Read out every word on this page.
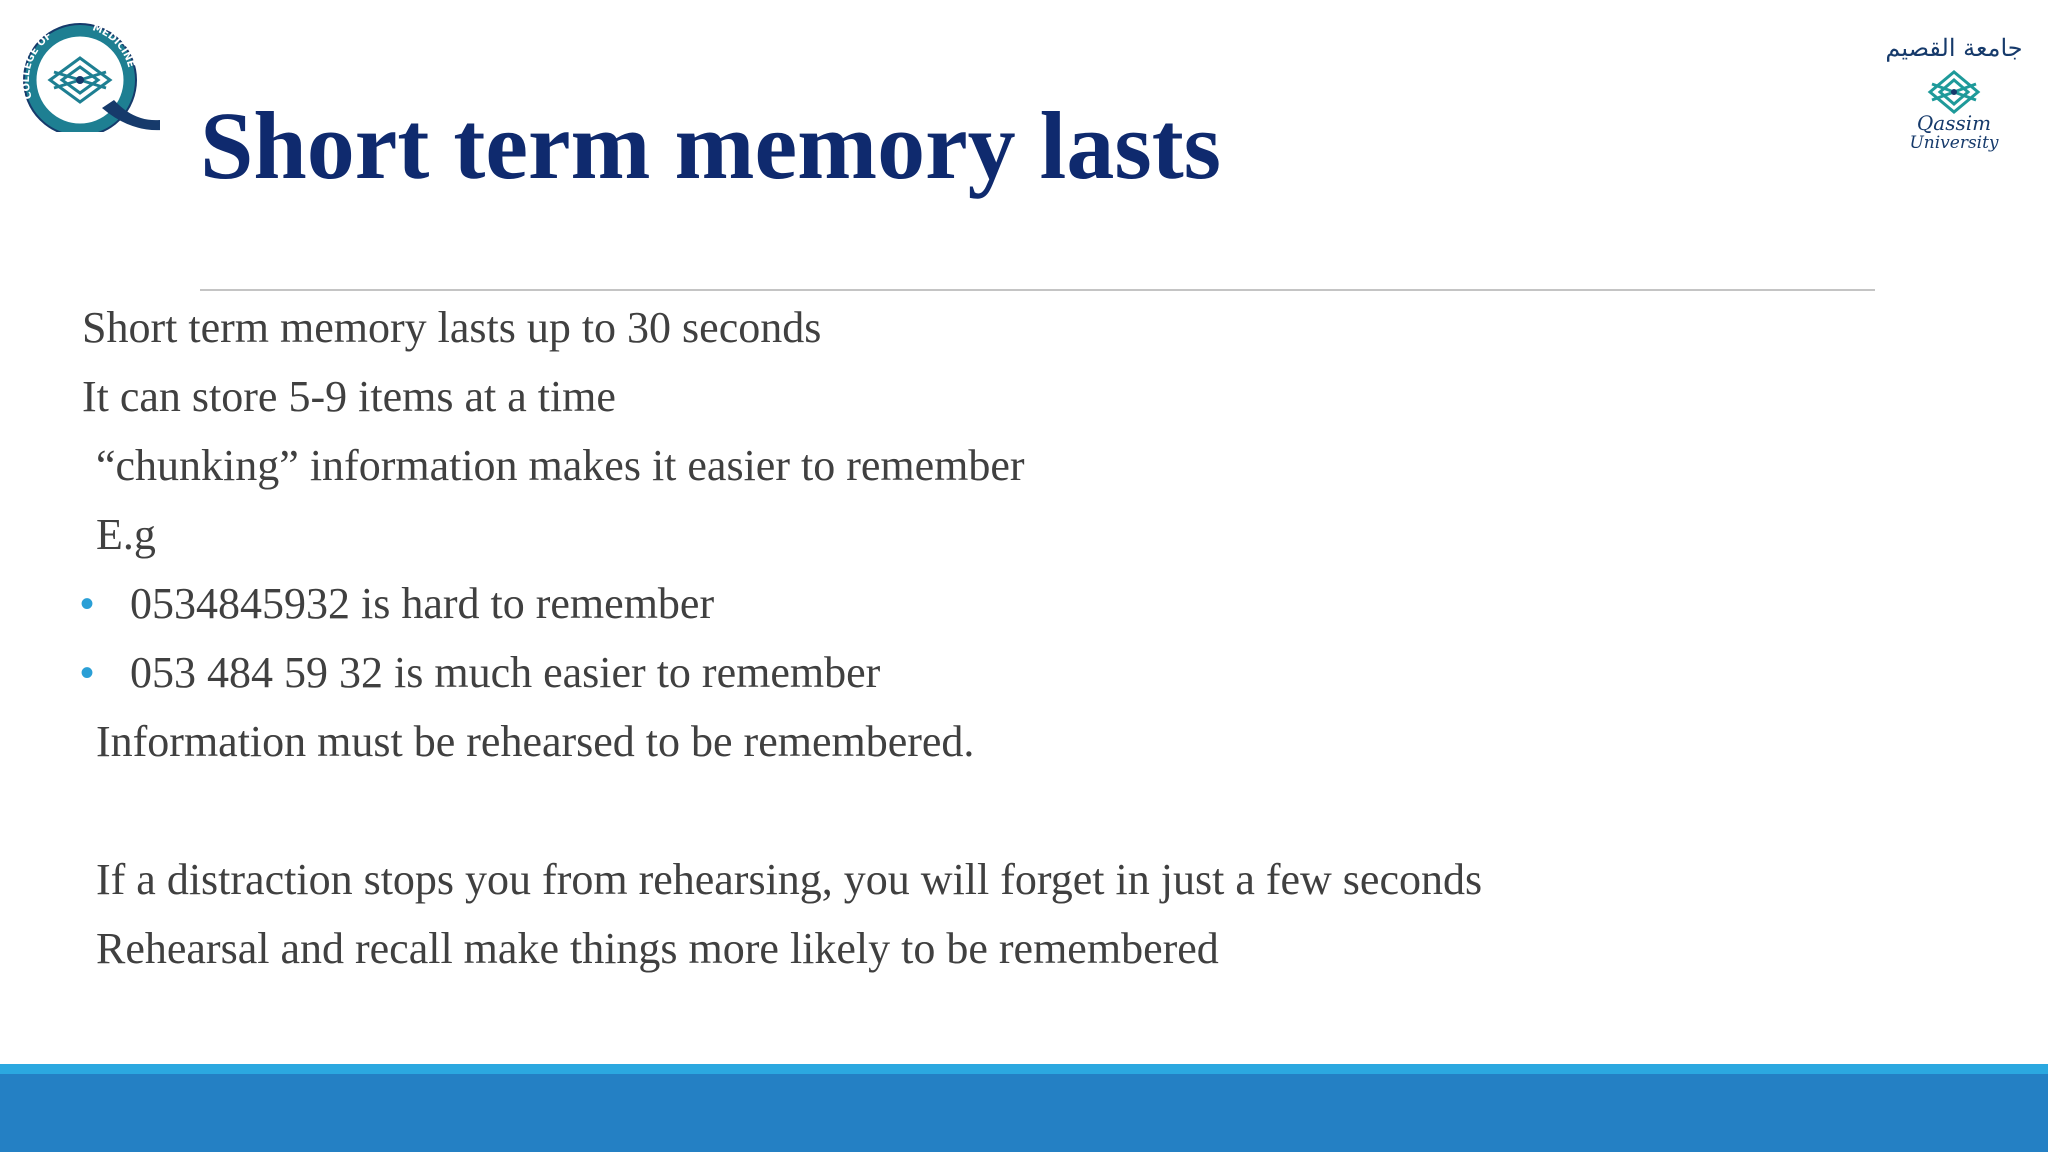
COLLEGE OF
MEDICINE
جامعة القصيم
Qassim
University
Short term memory lasts
Short term memory lasts up to 30 seconds
It can store 5-9 items at a time
“chunking” information makes it easier to remember
E.g
• 0534845932 is hard to remember
• 053 484 59 32 is much easier to remember
Information must be rehearsed to be remembered.
If a distraction stops you from rehearsing, you will forget in just a few seconds
Rehearsal and recall make things more likely to be remembered
